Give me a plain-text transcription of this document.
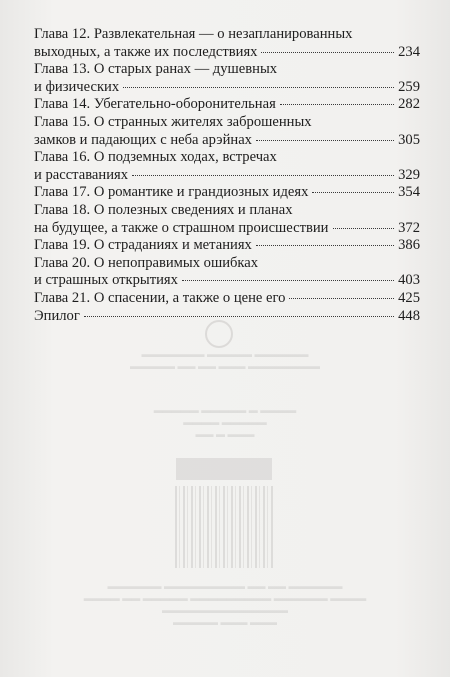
▬▬▬▬▬▬ ▬▬▬▬▬ ▬▬▬▬▬▬▬
▬▬▬▬▬▬▬▬ ▬▬▬ ▬▬ ▬▬ ▬▬▬▬▬
▬▬▬▬ ▬ ▬▬▬▬▬ ▬▬▬▬▬
▬▬▬▬▬ ▬▬▬▬
▬▬▬ ▬ ▬▬
▬▬▬▬▬▬ ▬▬ ▬▬ ▬▬▬▬▬▬▬▬▬ ▬▬▬▬▬▬
▬▬▬▬ ▬▬▬▬▬▬ ▬▬▬▬▬▬▬▬▬ ▬▬▬▬▬ ▬▬ ▬▬▬▬
▬▬▬▬▬▬▬▬▬▬▬▬▬▬
▬▬▬ ▬▬▬ ▬▬▬▬▬
Глава 12. Развлекательная — о незапланированных
выходных, а также их последствиях	234
Глава 13. О старых ранах — душевных
и физических	259
Глава 14. Убегательно-оборонительная	282
Глава 15. О странных жителях заброшенных
замков и падающих с неба арэйнах	305
Глава 16. О подземных ходах, встречах
и расставаниях	329
Глава 17. О романтике и грандиозных идеях	354
Глава 18. О полезных сведениях и планах
на будущее, а также о страшном происшествии	372
Глава 19. О страданиях и метаниях	386
Глава 20. О непоправимых ошибках
и страшных открытиях	403
Глава 21. О спасении, а также о цене его	425
Эпилог	448
